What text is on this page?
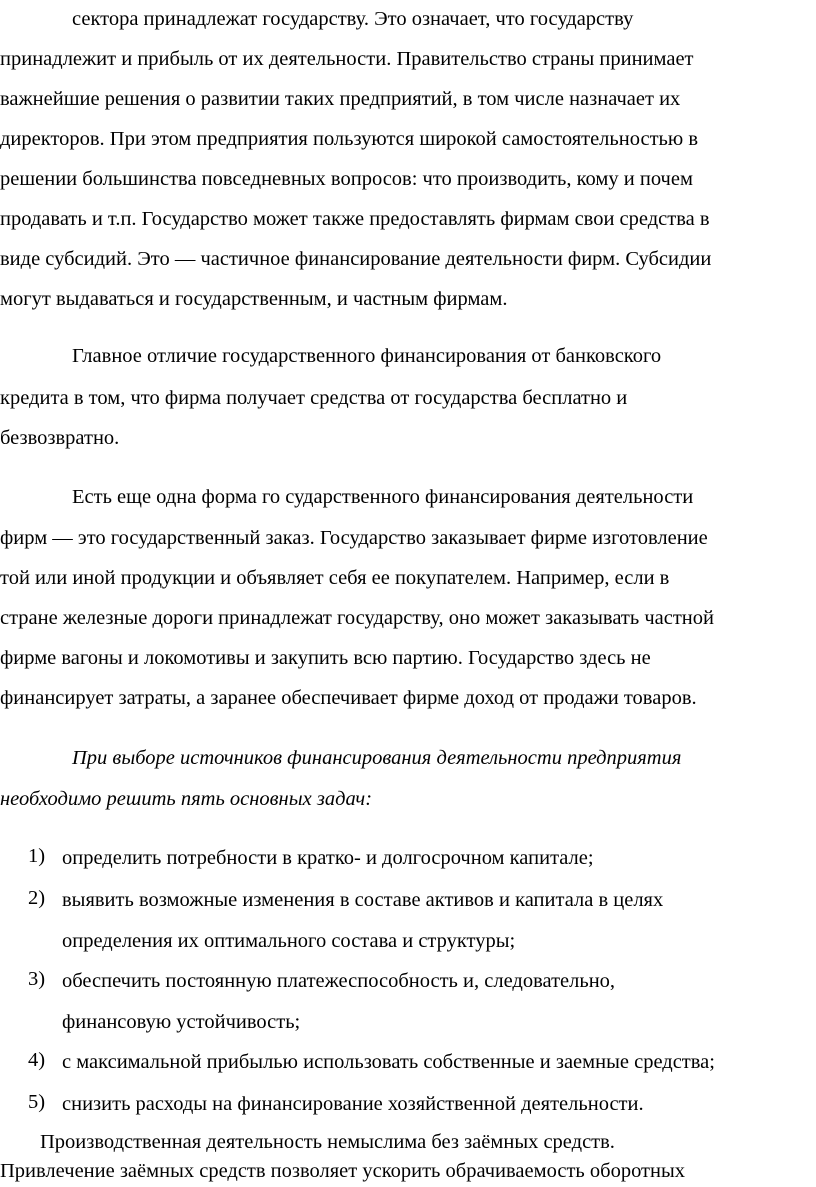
сектора принадлежат государству. Это означает, что государству
принадлежит и прибыль от их деятельности. Правительство страны принимает
важнейшие решения о развитии таких предприятий, в том числе назначает их
директоров. При этом предприятия пользуются широкой самостоятельностью в
решении большинства повседневных вопросов: что производить, кому и почем
продавать и т.п. Государство может также предоставлять фирмам свои средства в
виде субсидий. Это — частичное финансирование деятельности фирм. Субсидии
могут выдаваться и государственным, и частным фирмам.
Главное отличие государственного финансирования от банковского
кредита в том, что фирма получает средства от государства бесплатно и
безвозвратно.
Есть еще одна форма го сударственного финансирования деятельности
фирм — это государственный заказ. Государство заказывает фирме изготовление
той или иной продукции и объявляет себя ее покупателем. Например, если в
стране железные дороги принадлежат государству, оно может заказывать частной
фирме вагоны и локомотивы и закупить всю партию. Государство здесь не
финансирует затраты, а заранее обеспечивает фирме доход от продажи товаров.
При выборе источников финансирования деятельности предприятия
необходимо решить пять основных задач:
1) определить потребности в кратко- и долгосрочном капитале;
2) выявить возможные изменения в составе активов и капитала в целях
определения их оптимального состава и структуры;
3) обеспечить постоянную платежеспособность и, следовательно,
финансовую устойчивость;
4) с максимальной прибылью использовать собственные и заемные средства;
5) снизить расходы на финансирование хозяйственной деятельности.
Производственная деятельность немыслима без заёмных средств.
Привлечение заёмных средств позволяет ускорить обрачиваемость оборотных
